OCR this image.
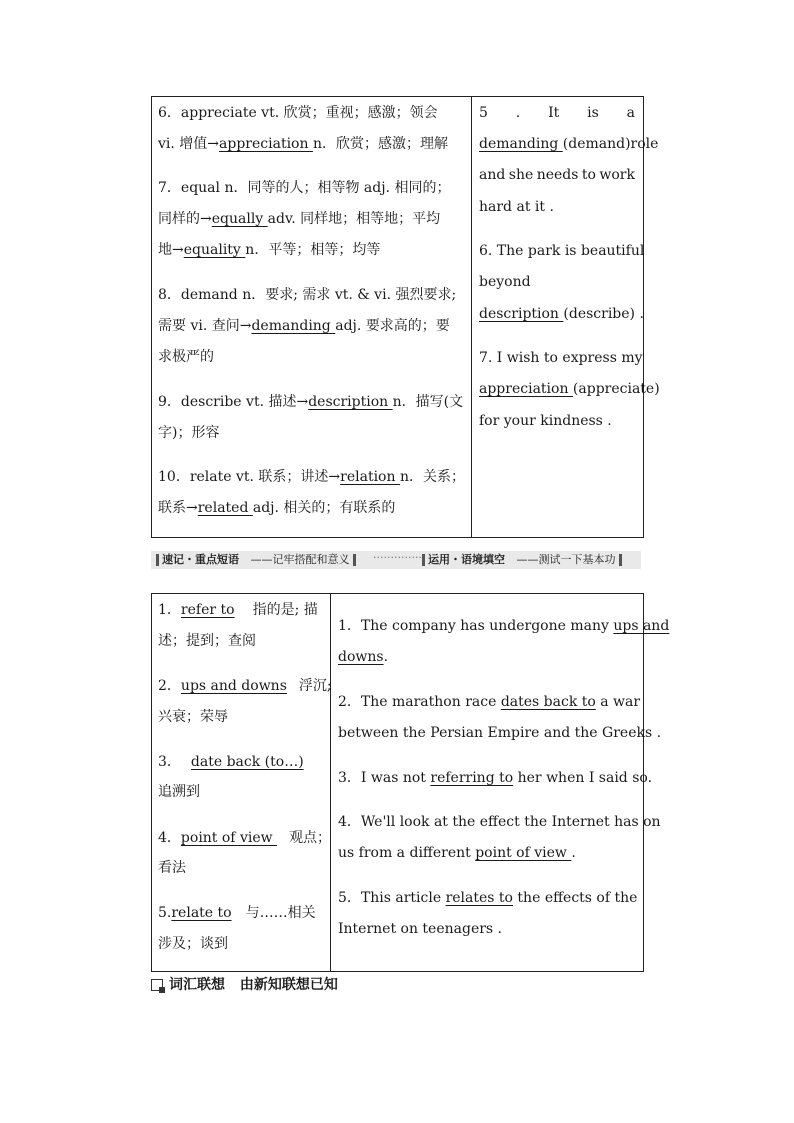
6．appreciate vt. 欣赏；重视；感激；领会
vi. 增值→appreciation n．欣赏；感激；理解
7．equal n．同等的人；相等物 adj. 相同的；
同样的→equally adv. 同样地；相等地；平均
地→equality n．平等；相等；均等
8．demand n．要求; 需求 vt. & vi. 强烈要求;
需要 vi. 查问→demanding adj. 要求高的；要
求极严的
9．describe vt. 描述→description n．描写(文
字)；形容
10．relate vt. 联系；讲述→relation n．关系；
联系→related adj. 相关的；有联系的
5 . It is a
demanding (demand)role
and she needs to work
hard at it .
6. The park is beautiful
beyond
description (describe) .
7. I wish to express my
appreciation (appreciate)
for your kindness .
速记・重点短语 ——记牢搭配和意义	·············· 运用・语境填空 ——测试一下基本功
1．refer to 指的是; 描
述；提到；查阅
2．ups and downs 浮沉;
兴衰；荣辱
3． date back (to…)
追溯到
4．point of view 观点；
看法
5.relate to 与……相关
涉及；谈到
1．The company has undergone many ups and
downs.
2．The marathon race dates back to a war
between the Persian Empire and the Greeks .
3．I was not referring to her when I said so.
4．We'll look at the effect the Internet has on
us from a different point of view .
5．This article relates to the effects of the
Internet on teenagers .
词汇联想 由新知联想已知
